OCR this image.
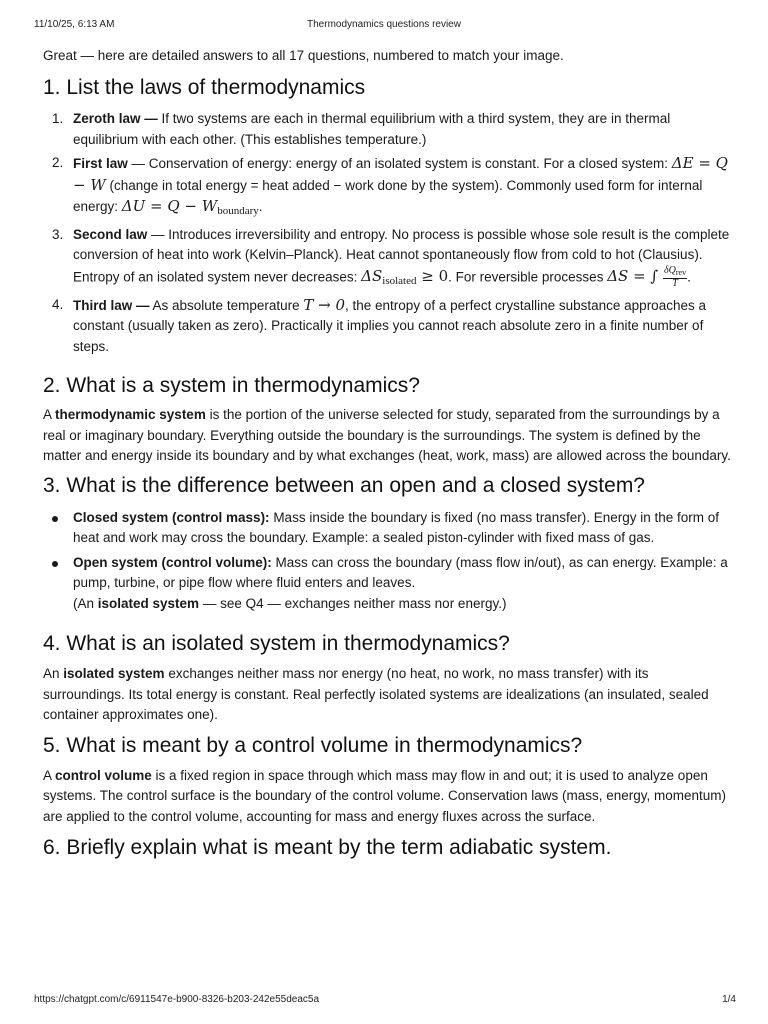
11/10/25, 6:13 AM	Thermodynamics questions review

Great — here are detailed answers to all 17 questions, numbered to match your image.

1. List the laws of thermodynamics
1. Zeroth law — If two systems are each in thermal equilibrium with a third system, they are in thermal equilibrium with each other. (This establishes temperature.)
2. First law — Conservation of energy: energy of an isolated system is constant. For a closed system: ΔE = Q − W (change in total energy = heat added − work done by the system). Commonly used form for internal energy: $\Delta U = Q - W_{boundary}$.
3. Second law — Introduces irreversibility and entropy. No process is possible whose sole result is the complete conversion of heat into work (Kelvin–Planck). Heat cannot spontaneously flow from cold to hot (Clausius). Entropy of an isolated system never decreases: $\Delta S_{isolated} \ge 0$. For reversible processes ΔS = ∫ $\frac{\delta Q_{rev}}{T}$ .
4. Third law — As absolute temperature T → 0, the entropy of a perfect crystalline substance approaches a constant (usually taken as zero). Practically it implies you cannot reach absolute zero in a finite number of steps.
2. What is a system in thermodynamics?

A thermodynamic system is the portion of the universe selected for study, separated from the surroundings by a real or imaginary boundary. Everything outside the boundary is the surroundings. The system is defined by the matter and energy inside its boundary and by what exchanges (heat, work, mass) are allowed across the boundary.

3. What is the difference between an open and a closed system?
Closed system (control mass): Mass inside the boundary is fixed (no mass transfer). Energy in the form of heat and work may cross the boundary. Example: a sealed piston-cylinder with fixed mass of gas.
Open system (control volume): Mass can cross the boundary (mass flow in/out), as can energy. Example: a pump, turbine, or pipe flow where fluid enters and leaves.
(An isolated system — see Q4 — exchanges neither mass nor energy.)
4. What is an isolated system in thermodynamics?

An isolated system exchanges neither mass nor energy (no heat, no work, no mass transfer) with its surroundings. Its total energy is constant. Real perfectly isolated systems are idealizations (an insulated, sealed container approximates one).

5. What is meant by a control volume in thermodynamics?

A control volume is a fixed region in space through which mass may flow in and out; it is used to analyze open systems. The control surface is the boundary of the control volume. Conservation laws (mass, energy, momentum) are applied to the control volume, accounting for mass and energy fluxes across the surface.

6. Briefly explain what is meant by the term adiabatic system.
https://chatgpt.com/c/6911547e-b900-8326-b203-242e55deac5a	1/4
